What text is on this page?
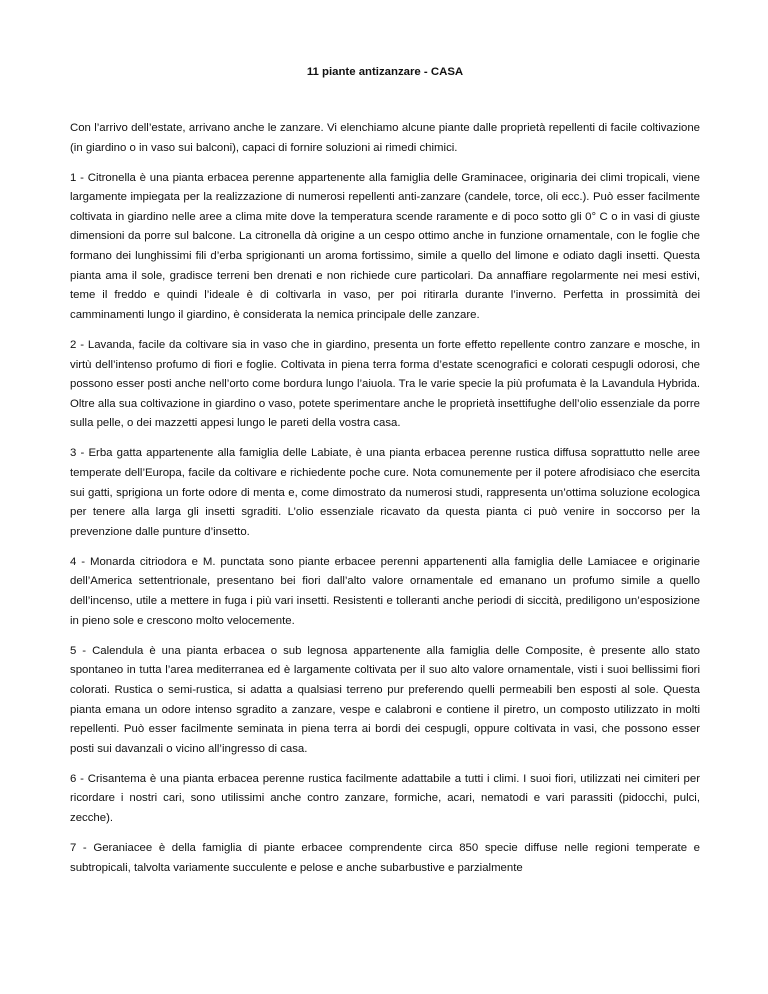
11 piante antizanzare - CASA

Con l’arrivo dell’estate, arrivano anche le zanzare. Vi elenchiamo alcune piante dalle proprietà repellenti di facile coltivazione (in giardino o in vaso sui balconi), capaci di fornire soluzioni ai rimedi chimici.

1 - Citronella è una pianta erbacea perenne appartenente alla famiglia delle Graminacee, originaria dei climi tropicali, viene largamente impiegata per la realizzazione di numerosi repellenti anti-zanzare (candele, torce, oli ecc.). Può esser facilmente coltivata in giardino nelle aree a clima mite dove la temperatura scende raramente e di poco sotto gli 0° C o in vasi di giuste dimensioni da porre sul balcone. La citronella dà origine a un cespo ottimo anche in funzione ornamentale, con le foglie che formano dei lunghissimi fili d’erba sprigionanti un aroma fortissimo, simile a quello del limone e odiato dagli insetti. Questa pianta ama il sole, gradisce terreni ben drenati e non richiede cure particolari. Da annaffiare regolarmente nei mesi estivi, teme il freddo e quindi l’ideale è di coltivarla in vaso, per poi ritirarla durante l’inverno. Perfetta in prossimità dei camminamenti lungo il giardino, è considerata la nemica principale delle zanzare.

2 - Lavanda, facile da coltivare sia in vaso che in giardino, presenta un forte effetto repellente contro zanzare e mosche, in virtù dell’intenso profumo di fiori e foglie. Coltivata in piena terra forma d’estate scenografici e colorati cespugli odorosi, che possono esser posti anche nell’orto come bordura lungo l’aiuola. Tra le varie specie la più profumata è la Lavandula Hybrida. Oltre alla sua coltivazione in giardino o vaso, potete sperimentare anche le proprietà insettifughe dell’olio essenziale da porre sulla pelle, o dei mazzetti appesi lungo le pareti della vostra casa.

3 - Erba gatta appartenente alla famiglia delle Labiate, è una pianta erbacea perenne rustica diffusa soprattutto nelle aree temperate dell’Europa, facile da coltivare e richiedente poche cure. Nota comunemente per il potere afrodisiaco che esercita sui gatti, sprigiona un forte odore di menta e, come dimostrato da numerosi studi, rappresenta un’ottima soluzione ecologica per tenere alla larga gli insetti sgraditi. L’olio essenziale ricavato da questa pianta ci può venire in soccorso per la prevenzione dalle punture d’insetto.

4 - Monarda citriodora e M. punctata sono piante erbacee perenni appartenenti alla famiglia delle Lamiacee e originarie dell’America settentrionale, presentano bei fiori dall’alto valore ornamentale ed emanano un profumo simile a quello dell’incenso, utile a mettere in fuga i più vari insetti. Resistenti e tolleranti anche periodi di siccità, prediligono un’esposizione in pieno sole e crescono molto velocemente.

5 - Calendula è una pianta erbacea o sub legnosa appartenente alla famiglia delle Composite, è presente allo stato spontaneo in tutta l’area mediterranea ed è largamente coltivata per il suo alto valore ornamentale, visti i suoi bellissimi fiori colorati. Rustica o semi-rustica, si adatta a qualsiasi terreno pur preferendo quelli permeabili ben esposti al sole. Questa pianta emana un odore intenso sgradito a zanzare, vespe e calabroni e contiene il piretro, un composto utilizzato in molti repellenti. Può esser facilmente seminata in piena terra ai bordi dei cespugli, oppure coltivata in vasi, che possono esser posti sui davanzali o vicino all’ingresso di casa.

6 - Crisantema è una pianta erbacea perenne rustica facilmente adattabile a tutti i climi. I suoi fiori, utilizzati nei cimiteri per ricordare i nostri cari, sono utilissimi anche contro zanzare, formiche, acari, nematodi e vari parassiti (pidocchi, pulci, zecche).

7 - Geraniacee è della famiglia di piante erbacee comprendente circa 850 specie diffuse nelle regioni temperate e subtropicali, talvolta variamente succulente e pelose e anche subarbustive e parzialmente
